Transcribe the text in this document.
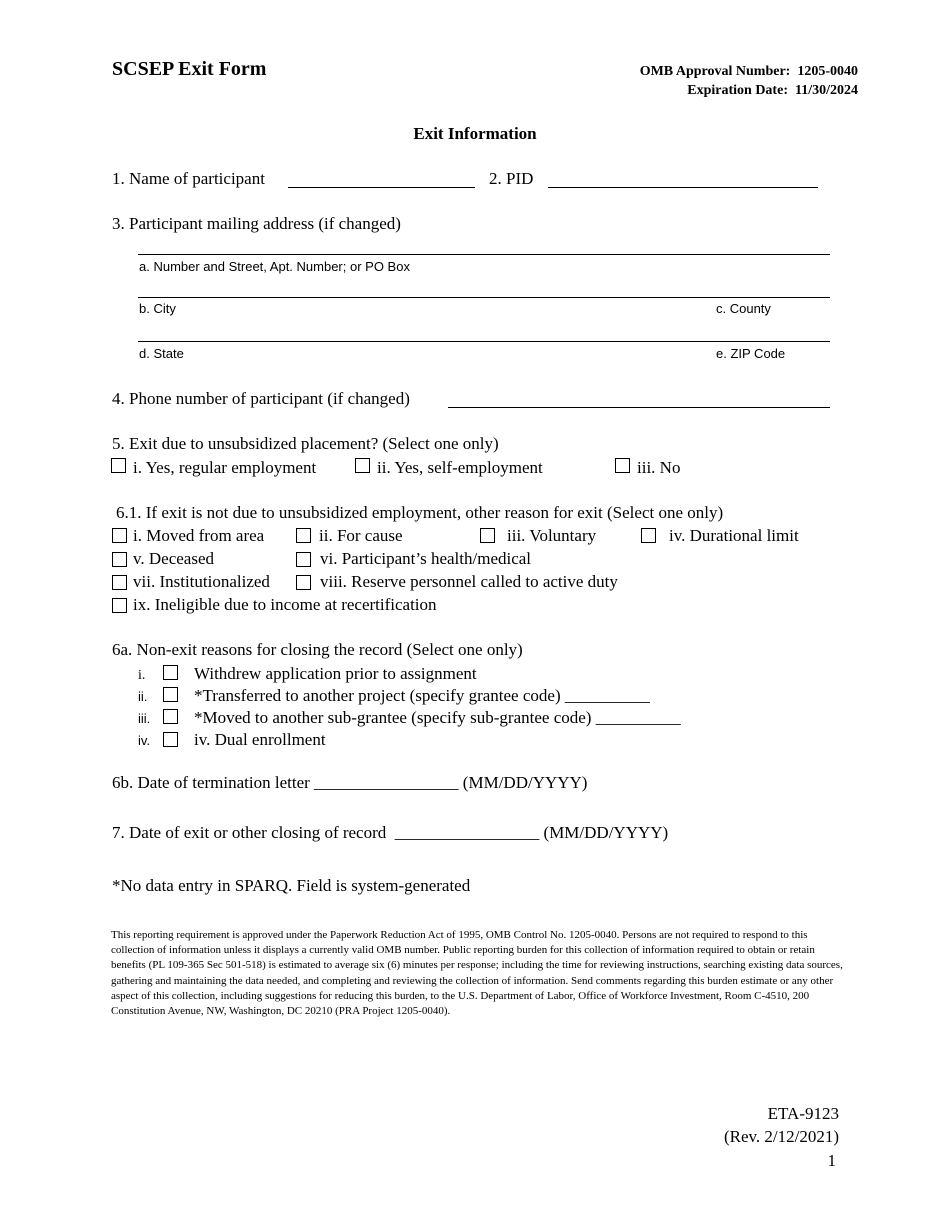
SCSEP Exit Form	OMB Approval Number: 1205-0040
Expiration Date:  11/30/2024
Exit Information
1. Name of participant	2. PID
3. Participant mailing address (if changed)
a. Number and Street, Apt. Number; or PO Box
b. City	c. County
d. State	e. ZIP Code
4. Phone number of participant (if changed)
5. Exit due to unsubsidized placement? (Select one only)
i. Yes, regular employment	ii. Yes, self-employment	iii. No
6.1. If exit is not due to unsubsidized employment, other reason for exit (Select one only)
i. Moved from area	ii. For cause	iii. Voluntary	iv. Durational limit
v. Deceased	vi. Participant’s health/medical
vii. Institutionalized	viii. Reserve personnel called to active duty
ix. Ineligible due to income at recertification
6a. Non-exit reasons for closing the record (Select one only)
i.	Withdrew application prior to assignment
ii.	*Transferred to another project (specify grantee code) __________
iii.	*Moved to another sub-grantee (specify sub-grantee code) __________
iv.	iv. Dual enrollment
6b. Date of termination letter _________________ (MM/DD/YYYY)
7. Date of exit or other closing of record _________________ (MM/DD/YYYY)
*No data entry in SPARQ. Field is system-generated
This reporting requirement is approved under the Paperwork Reduction Act of 1995, OMB Control No. 1205-0040. Persons are not required to respond to this collection of information unless it displays a currently valid OMB number. Public reporting burden for this collection of information required to obtain or retain benefits (PL 109-365 Sec 501-518) is estimated to average six (6) minutes per response; including the time for reviewing instructions, searching existing data sources, gathering and maintaining the data needed, and completing and reviewing the collection of information. Send comments regarding this burden estimate or any other aspect of this collection, including suggestions for reducing this burden, to the U.S. Department of Labor, Office of Workforce Investment, Room C-4510, 200 Constitution Avenue, NW, Washington, DC 20210 (PRA Project 1205-0040).
ETA-9123
(Rev. 2/12/2021)
1
